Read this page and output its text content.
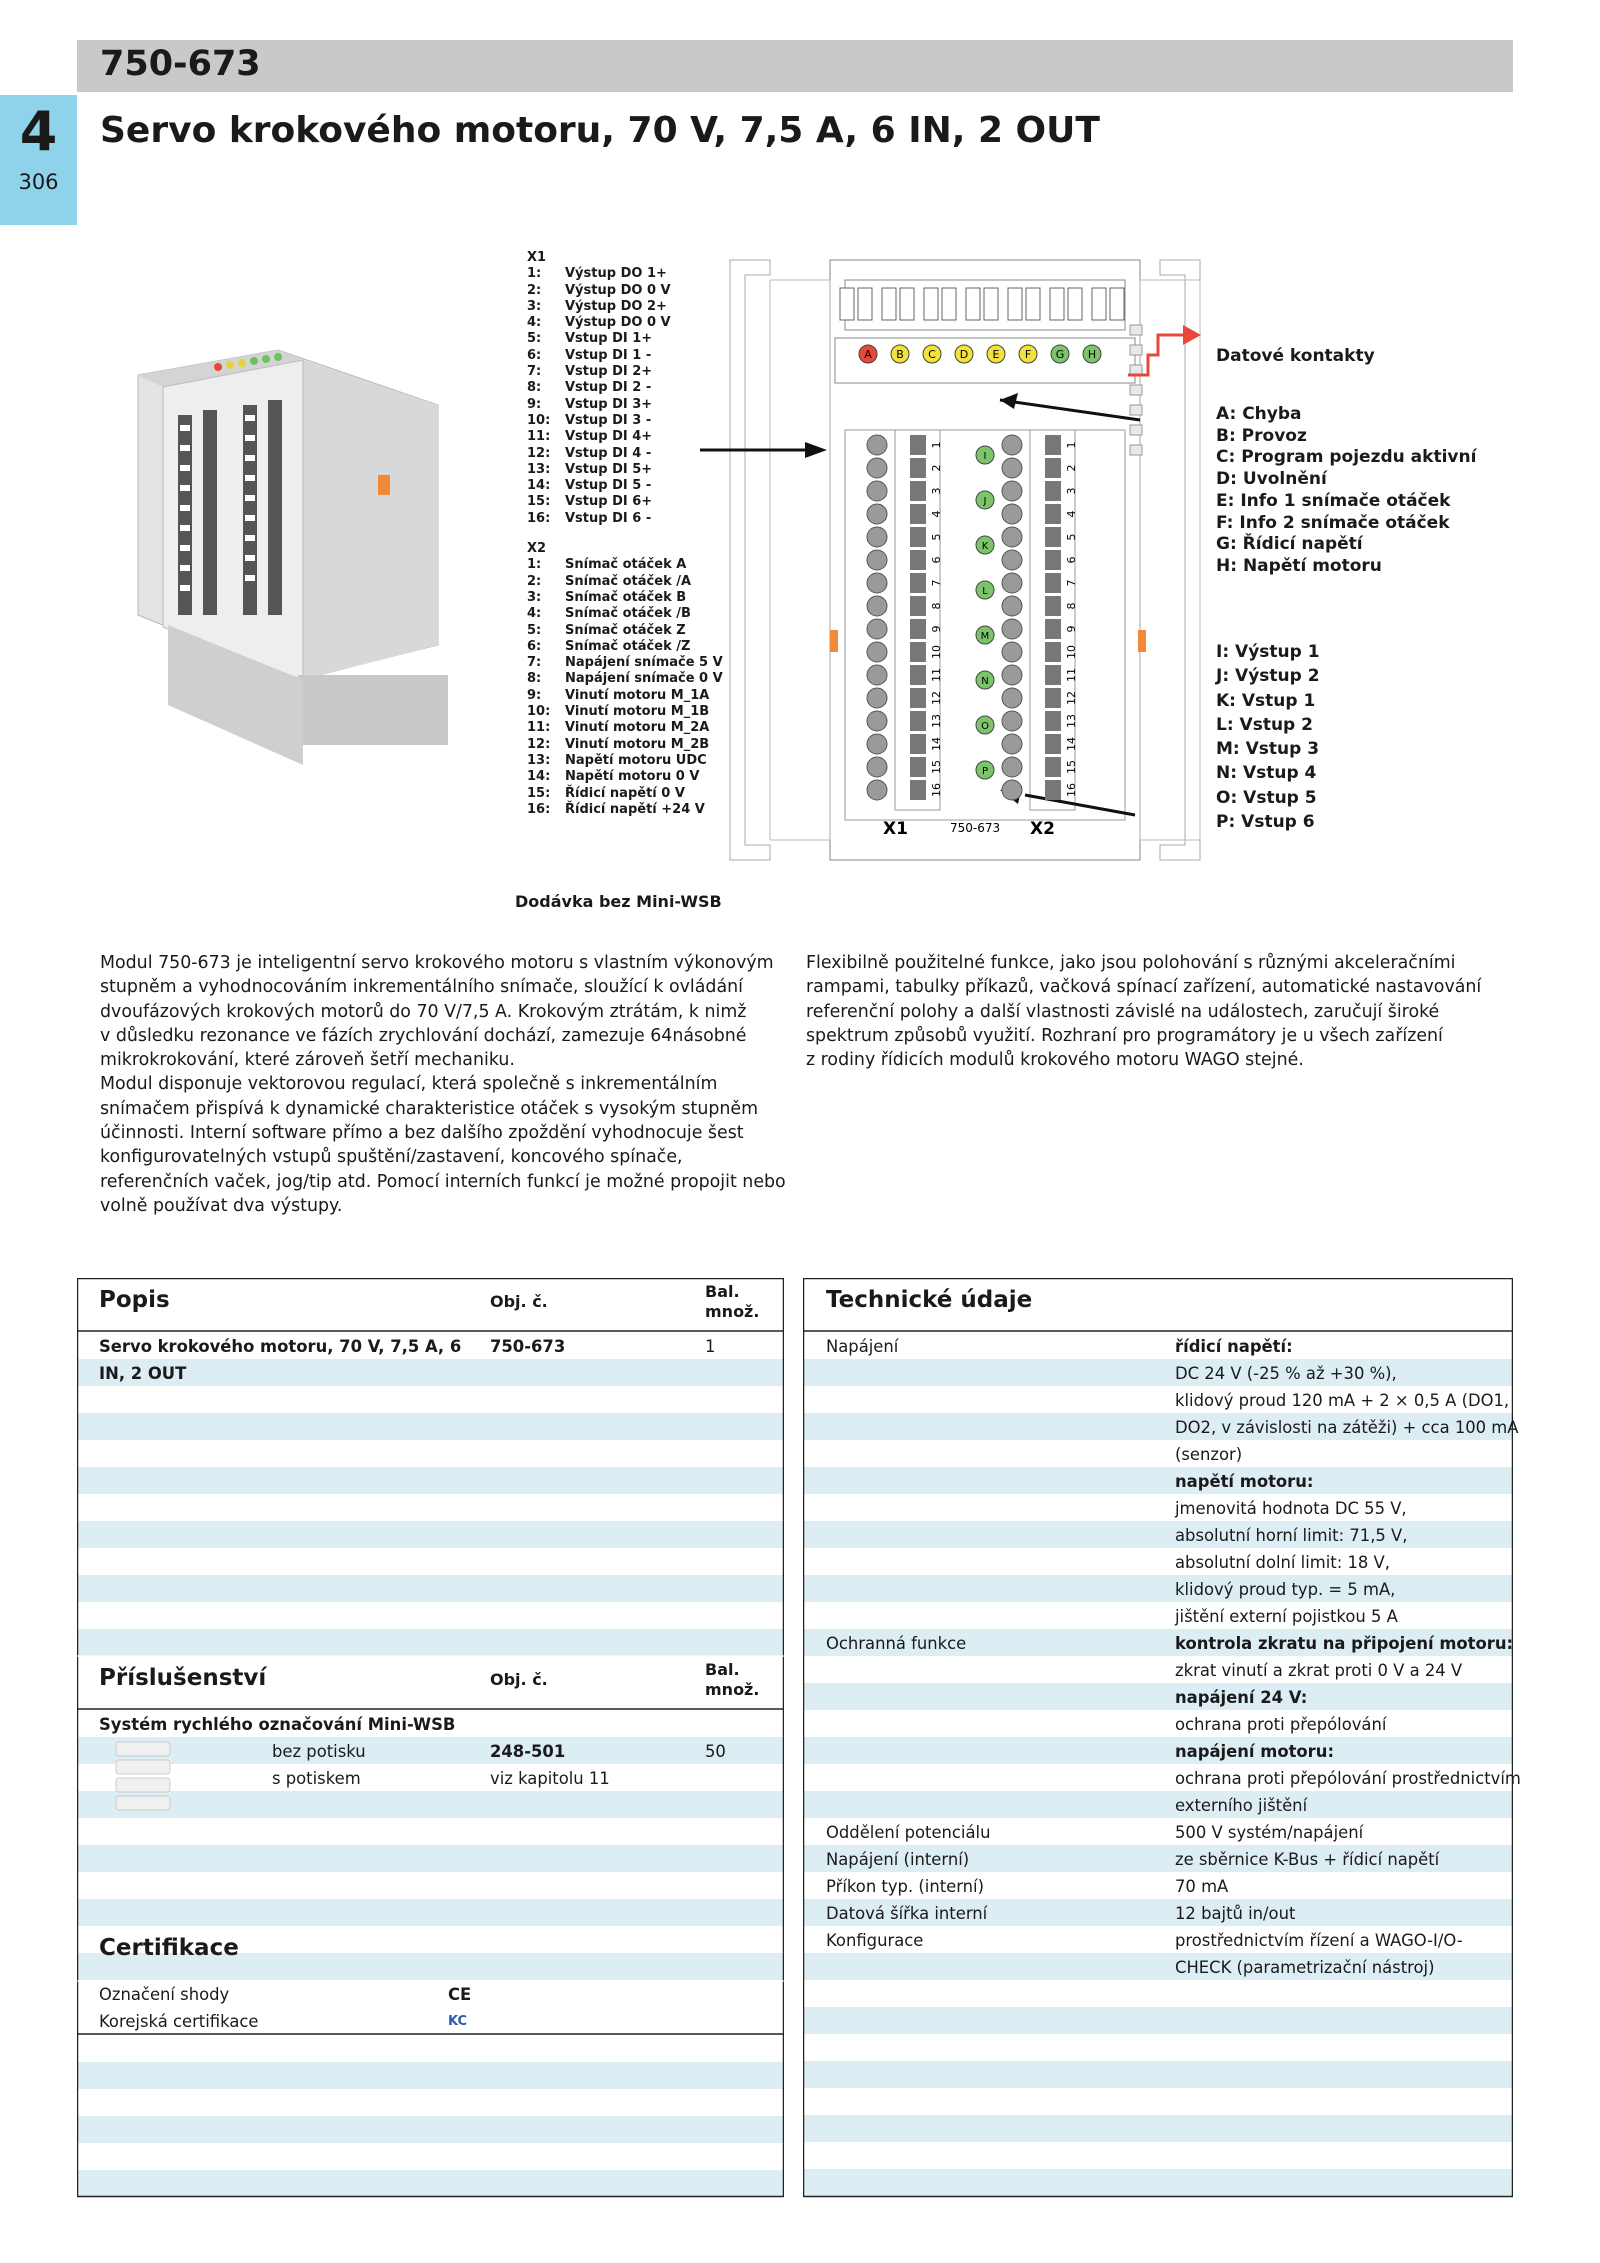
4
306
750-673
Servo krokového motoru, 70 V, 7,5 A, 6 IN, 2 OUT
X1
1: Výstup DO 1+
2: Výstup DO 0 V
3: Výstup DO 2+
4: Výstup DO 0 V
5: Vstup DI 1+
6: Vstup DI 1 -
7: Vstup DI 2+
8: Vstup DI 2 -
9: Vstup DI 3+
10: Vstup DI 3 -
11: Vstup DI 4+
12: Vstup DI 4 -
13: Vstup DI 5+
14: Vstup DI 5 -
15: Vstup DI 6+
16: Vstup DI 6 -
X2
1: Snímač otáček A
2: Snímač otáček /A
3: Snímač otáček B
4: Snímač otáček /B
5: Snímač otáček Z
6: Snímač otáček /Z
7: Napájení snímače 5 V
8: Napájení snímače 0 V
9: Vinutí motoru M_1A
10: Vinutí motoru M_1B
11: Vinutí motoru M_2A
12: Vinutí motoru M_2B
13: Napětí motoru UDC
14: Napětí motoru 0 V
15: Řídicí napětí 0 V
16: Řídicí napětí +24 V
A B C D E F G H
I
J
K
L
M
N
O
P
1
2
3
4
5
6
7
8
9
10
11
12
13
14
15
16
1
2
3
4
5
6
7
8
9
10
11
12
13
14
15
16
X1	750-673 X2
Datové kontakty
A: Chyba
B: Provoz
C: Program pojezdu aktivní
D: Uvolnění
E: Info 1 snímače otáček
F: Info 2 snímače otáček
G: Řídicí napětí
H: Napětí motoru
I: Výstup 1
J: Výstup 2
K: Vstup 1
L: Vstup 2
M: Vstup 3
N: Vstup 4
O: Vstup 5
P: Vstup 6
Dodávka bez Mini-WSB
Modul 750-673 je inteligentní servo krokového motoru s vlastním výkonovým
stupněm a vyhodnocováním inkrementálního snímače, sloužící k ovládání
dvoufázových krokových motorů do 70 V/7,5 A. Krokovým ztrátám, k nimž
v důsledku rezonance ve fázích zrychlování dochází, zamezuje 64násobné
mikrokrokování, které zároveň šetří mechaniku.
Modul disponuje vektorovou regulací, která společně s inkrementálním
snímačem přispívá k dynamické charakteristice otáček s vysokým stupněm
účinnosti. Interní software přímo a bez dalšího zpoždění vyhodnocuje šest
konfigurovatelných vstupů spuštění/zastavení, koncového spínače,
referenčních vaček, jog/tip atd. Pomocí interních funkcí je možné propojit nebo
volně používat dva výstupy.
Flexibilně použitelné funkce, jako jsou polohování s různými akceleračními
rampami, tabulky příkazů, vačková spínací zařízení, automatické nastavování
referenční polohy a další vlastnosti závislé na událostech, zaručují široké
spektrum způsobů využití. Rozhraní pro programátory je u všech zařízení
z rodiny řídicích modulů krokového motoru WAGO stejné.
Popis	Obj. č.
Bal.
množ.
Servo krokového motoru, 70 V, 7,5 A, 6
IN, 2 OUT
750-673	1
Příslušenství	Obj. č.
Bal.
množ.
Systém rychlého označování Mini-WSB
bez potisku	248-501	50
s potiskem	viz kapitolu 11
Certifikace
Označení shody	CE
Korejská certifikace	KC
Technické údaje
Napájení	řídicí napětí:
DC 24 V (-25 % až +30 %),
klidový proud 120 mA + 2 × 0,5 A (DO1,
DO2, v závislosti na zátěži) + cca 100 mA
(senzor)
napětí motoru:
jmenovitá hodnota DC 55 V,
absolutní horní limit: 71,5 V,
absolutní dolní limit: 18 V,
klidový proud typ. = 5 mA,
jištění externí pojistkou 5 A
Ochranná funkce	kontrola zkratu na připojení motoru:
zkrat vinutí a zkrat proti 0 V a 24 V
napájení 24 V:
ochrana proti přepólování
napájení motoru:
ochrana proti přepólování prostřednictvím
externího jištění
Oddělení potenciálu	500 V systém/napájení
Napájení (interní)	ze sběrnice K-Bus + řídicí napětí
Příkon typ. (interní)	70 mA
Datová šířka interní	12 bajtů in/out
Konfigurace	prostřednictvím řízení a WAGO-I/O-
CHECK (parametrizační nástroj)
